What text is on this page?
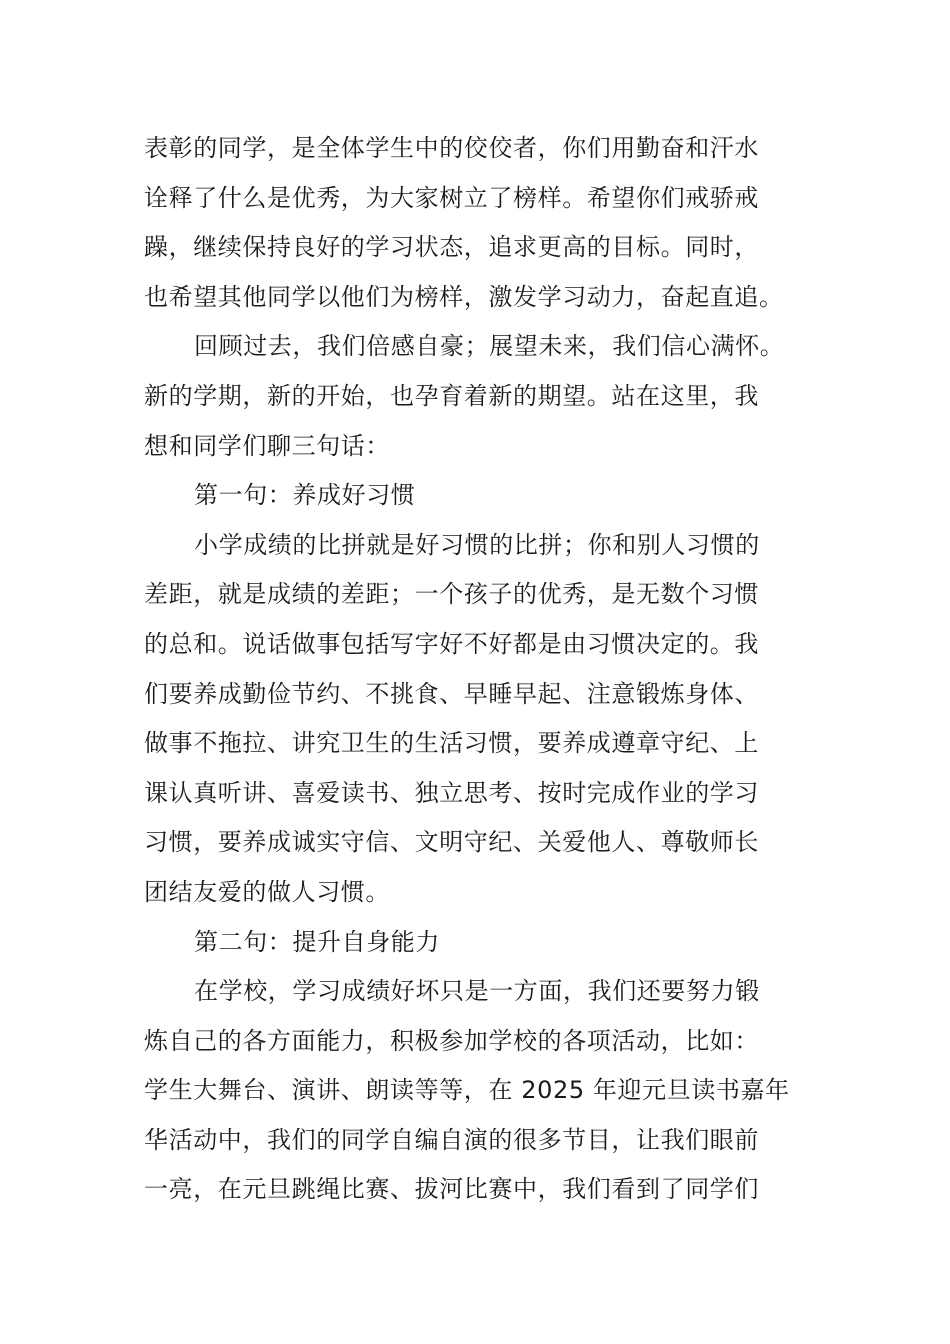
表彰的同学，是全体学生中的佼佼者，你们用勤奋和汗水
诠释了什么是优秀，为大家树立了榜样。希望你们戒骄戒
躁，继续保持良好的学习状态，追求更高的目标。同时，
也希望其他同学以他们为榜样，激发学习动力，奋起直追。
回顾过去，我们倍感自豪；展望未来，我们信心满怀。
新的学期，新的开始，也孕育着新的期望。站在这里，我
想和同学们聊三句话：
第一句：养成好习惯
小学成绩的比拼就是好习惯的比拼；你和别人习惯的
差距，就是成绩的差距；一个孩子的优秀，是无数个习惯
的总和。说话做事包括写字好不好都是由习惯决定的。我
们要养成勤俭节约、不挑食、早睡早起、注意锻炼身体、
做事不拖拉、讲究卫生的生活习惯，要养成遵章守纪、上
课认真听讲、喜爱读书、独立思考、按时完成作业的学习
习惯，要养成诚实守信、文明守纪、关爱他人、尊敬师长
团结友爱的做人习惯。
第二句：提升自身能力
在学校，学习成绩好坏只是一方面，我们还要努力锻
炼自己的各方面能力，积极参加学校的各项活动，比如：
学生大舞台、演讲、朗读等等，在 2025 年迎元旦读书嘉年
华活动中，我们的同学自编自演的很多节目，让我们眼前
一亮，在元旦跳绳比赛、拔河比赛中，我们看到了同学们
